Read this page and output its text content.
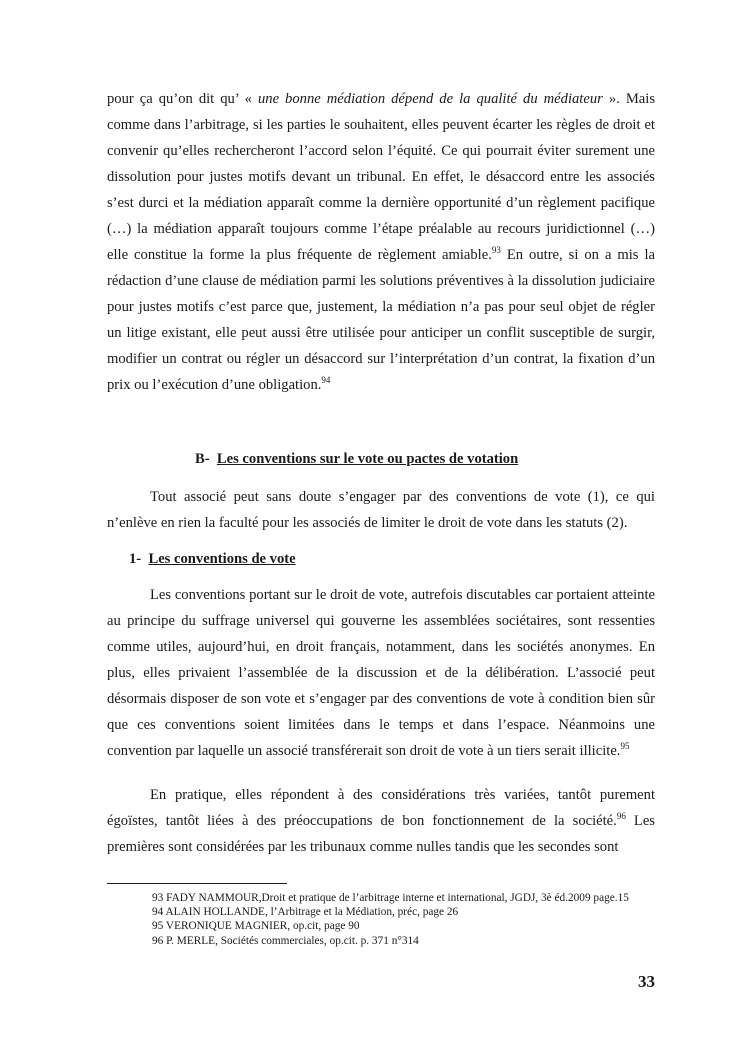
pour ça qu’on dit qu’ « une bonne médiation dépend de la qualité du médiateur ». Mais comme dans l’arbitrage, si les parties le souhaitent, elles peuvent écarter les règles de droit et convenir qu’elles rechercheront l’accord selon l’équité. Ce qui pourrait éviter surement une dissolution pour justes motifs devant un tribunal. En effet, le désaccord entre les associés s’est durci et la médiation apparaît comme la dernière opportunité d’un règlement pacifique (…) la médiation apparaît toujours comme l’étape préalable au recours juridictionnel (…) elle constitue la forme la plus fréquente de règlement amiable.$^{93}$ En outre, si on a mis la rédaction d’une clause de médiation parmi les solutions préventives à la dissolution judiciaire pour justes motifs c’est parce que, justement, la médiation n’a pas pour seul objet de régler un litige existant, elle peut aussi être utilisée pour anticiper un conflit susceptible de surgir, modifier un contrat ou régler un désaccord sur l’interprétation d’un contrat, la fixation d’un prix ou l’exécution d’une obligation.$^{94}$

B- Les conventions sur le vote ou pactes de votation

Tout associé peut sans doute s’engager par des conventions de vote (1), ce qui n’enlève en rien la faculté pour les associés de limiter le droit de vote dans les statuts (2).

1- Les conventions de vote

Les conventions portant sur le droit de vote, autrefois discutables car portaient atteinte au principe du suffrage universel qui gouverne les assemblées sociétaires, sont ressenties comme utiles, aujourd’hui, en droit français, notamment, dans les sociétés anonymes. En plus, elles privaient l’assemblée de la discussion et de la délibération. L’associé peut désormais disposer de son vote et s’engager par des conventions de vote à condition bien sûr que ces conventions soient limitées dans le temps et dans l’espace. Néanmoins une convention par laquelle un associé transférerait son droit de vote à un tiers serait illicite.$^{95}$

En pratique, elles répondent à des considérations très variées, tantôt purement égoïstes, tantôt liées à des préoccupations de bon fonctionnement de la société.$^{96}$ Les premières sont considérées par les tribunaux comme nulles tandis que les secondes sont

93 FADY NAMMOUR,Droit et pratique de l’arbitrage interne et international, JGDJ, 3è éd.2009 page.15
94 ALAIN HOLLANDE, l’Arbitrage et la Médiation, préc, page 26
95 VERONIQUE MAGNIER, op.cit, page 90
96 P. MERLE, Sociétés commerciales, op.cit. p. 371 n°314
33
